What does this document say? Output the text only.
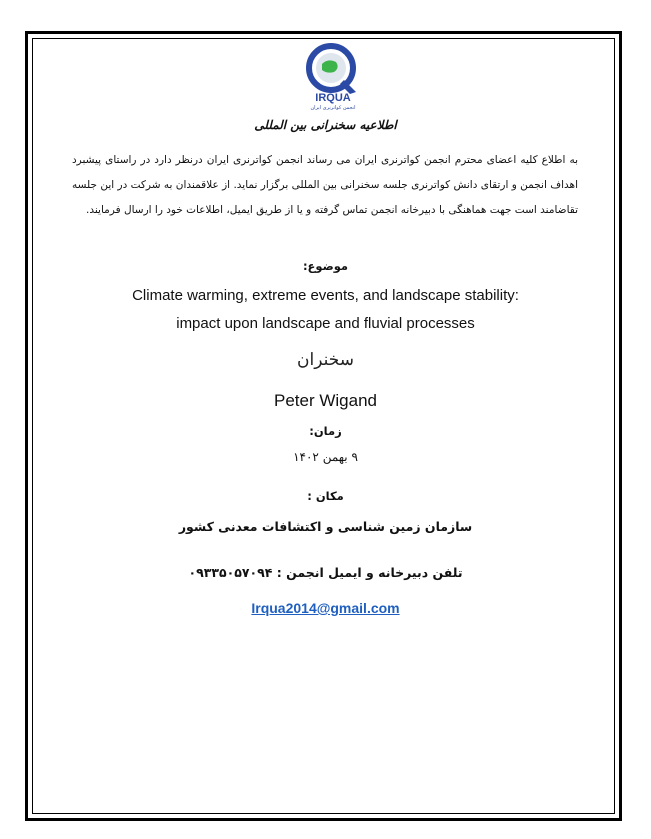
IRQUA
انجمن کواترنری ایران
اطلاعیه سخنرانی بین المللی
به اطلاع کلیه اعضای محترم انجمن کواترنری ایران می رساند انجمن کواترنری ایران درنظر دارد در راستای پیشبرد اهداف انجمن و ارتقای دانش کواترنری جلسه سخنرانی بین المللی برگزار نماید. از علاقمندان به شرکت در این جلسه تقاضامند است جهت هماهنگی با دبیرخانه انجمن تماس گرفته و یا از طریق ایمیل، اطلاعات خود را ارسال فرمایند.
موضوع:
Climate warming, extreme events, and landscape stability:
impact upon landscape and fluvial processes
سخنران
Peter Wigand
زمان:
۹ بهمن ۱۴۰۲
مکان :
سازمان زمین شناسی و اکتشافات معدنی کشور
تلفن دبیرخانه و ایمیل انجمن : ۰۹۳۳۵۰۵۷۰۹۴
Irqua2014@gmail.com
